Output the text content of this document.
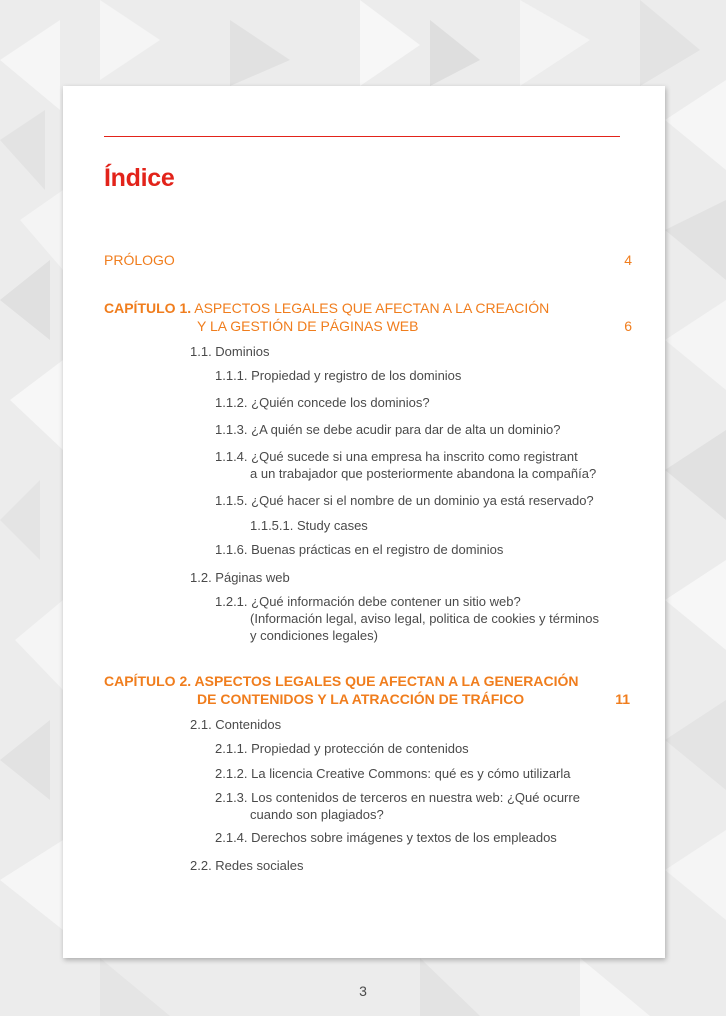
Índice
PRÓLOGO	4
CAPÍTULO 1. ASPECTOS LEGALES QUE AFECTAN A LA CREACIÓN
Y LA GESTIÓN DE PÁGINAS WEB	6
1.1. Dominios
1.1.1. Propiedad y registro de los dominios
1.1.2. ¿Quién concede los dominios?
1.1.3. ¿A quién se debe acudir para dar de alta un dominio?
1.1.4. ¿Qué sucede si una empresa ha inscrito como registrant
a un trabajador que posteriormente abandona la compañía?
1.1.5. ¿Qué hacer si el nombre de un dominio ya está reservado?
1.1.5.1. Study cases
1.1.6. Buenas prácticas en el registro de dominios
1.2. Páginas web
1.2.1. ¿Qué información debe contener un sitio web?
(Información legal, aviso legal, politica de cookies y términos
y condiciones legales)
CAPÍTULO 2. ASPECTOS LEGALES QUE AFECTAN A LA GENERACIÓN
DE CONTENIDOS Y LA ATRACCIÓN DE TRÁFICO	11
2.1. Contenidos
2.1.1. Propiedad y protección de contenidos
2.1.2. La licencia Creative Commons: qué es y cómo utilizarla
2.1.3. Los contenidos de terceros en nuestra web: ¿Qué ocurre
cuando son plagiados?
2.1.4. Derechos sobre imágenes y textos de los empleados
2.2. Redes sociales
3
